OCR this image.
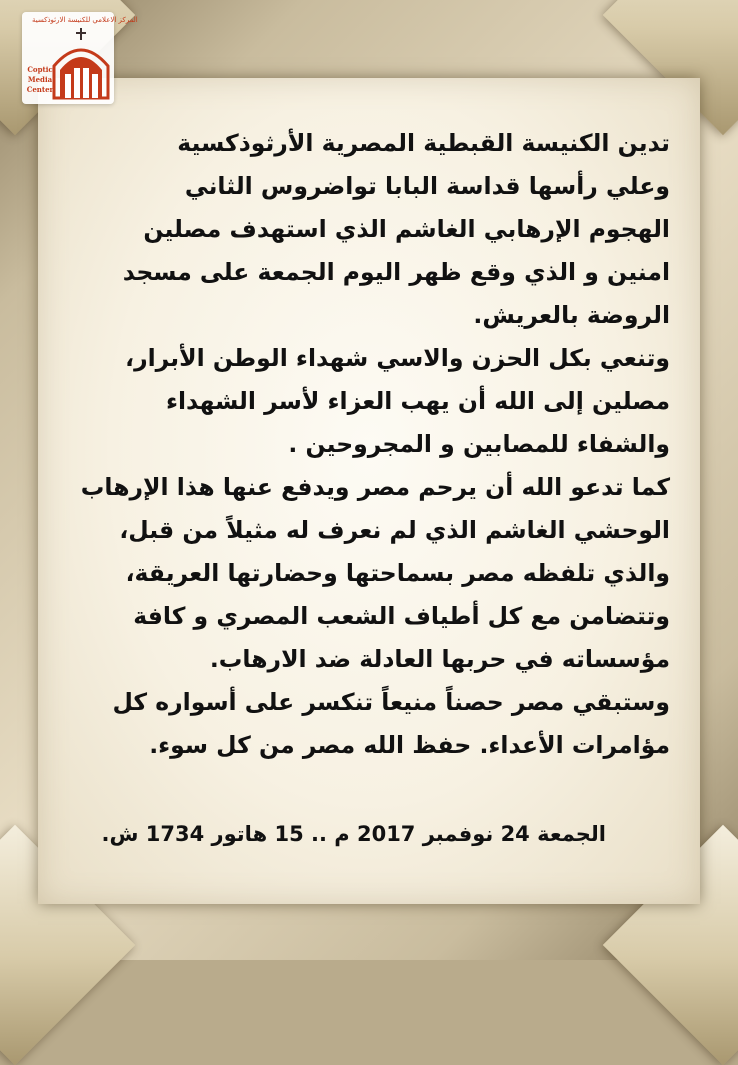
المركز الاعلامي للكنيسة الارثوذكسية
Coptic
Media
Center
تدين الكنيسة القبطية المصرية الأرثوذكسية
وعلي رأسها قداسة البابا تواضروس الثاني
الهجوم الإرهابي الغاشم الذي استهدف مصلين
امنين و الذي وقع ظهر اليوم الجمعة على مسجد
الروضة بالعريش.
وتنعي بكل الحزن والاسي شهداء الوطن الأبرار،
مصلين إلى الله أن يهب العزاء لأسر الشهداء
والشفاء للمصابين و المجروحين .
كما تدعو الله أن يرحم مصر ويدفع عنها هذا الإرهاب
الوحشي الغاشم الذي لم نعرف له مثيلاً من قبل،
والذي تلفظه مصر بسماحتها وحضارتها العريقة،
وتتضامن مع كل أطياف الشعب المصري و كافة
مؤسساته في حربها العادلة ضد الارهاب.
وستبقي مصر حصناً منيعاً تنكسر على أسواره كل
مؤامرات الأعداء. حفظ الله مصر من كل سوء.
الجمعة 24 نوفمبر 2017 م .. 15 هاتور 1734 ش.
